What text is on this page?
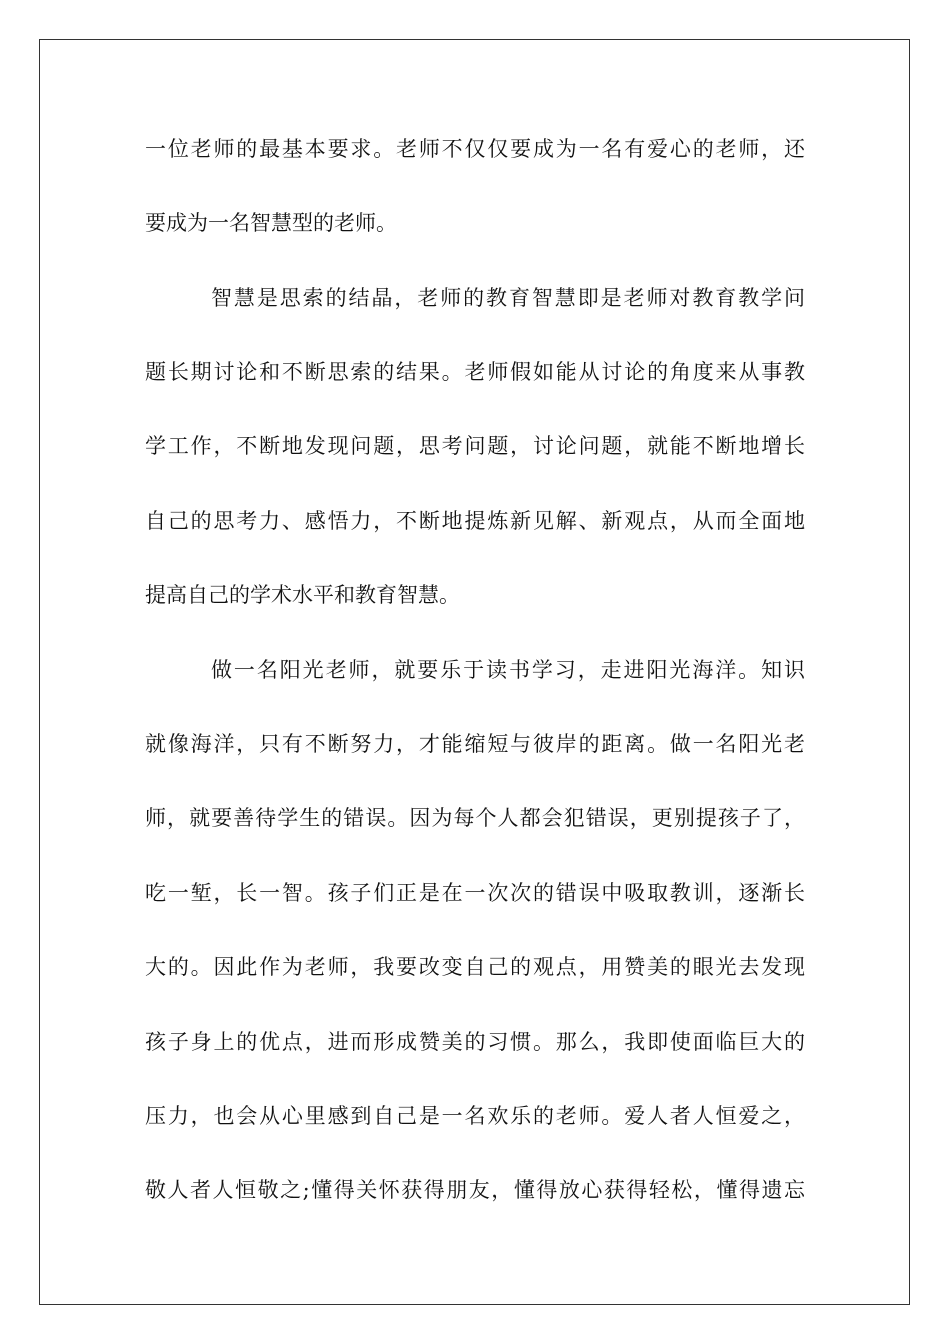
一位老师的最基本要求。老师不仅仅要成为一名有爱心的老师，还

要成为一名智慧型的老师。

智慧是思索的结晶，老师的教育智慧即是老师对教育教学问

题长期讨论和不断思索的结果。老师假如能从讨论的角度来从事教

学工作，不断地发现问题，思考问题，讨论问题，就能不断地增长

自己的思考力、感悟力，不断地提炼新见解、新观点，从而全面地

提高自己的学术水平和教育智慧。

做一名阳光老师，就要乐于读书学习，走进阳光海洋。知识

就像海洋，只有不断努力，才能缩短与彼岸的距离。做一名阳光老

师，就要善待学生的错误。因为每个人都会犯错误，更别提孩子了，

吃一堑，长一智。孩子们正是在一次次的错误中吸取教训，逐渐长

大的。因此作为老师，我要改变自己的观点，用赞美的眼光去发现

孩子身上的优点，进而形成赞美的习惯。那么，我即使面临巨大的

压力，也会从心里感到自己是一名欢乐的老师。爱人者人恒爱之，

敬人者人恒敬之;懂得关怀获得朋友，懂得放心获得轻松，懂得遗忘
